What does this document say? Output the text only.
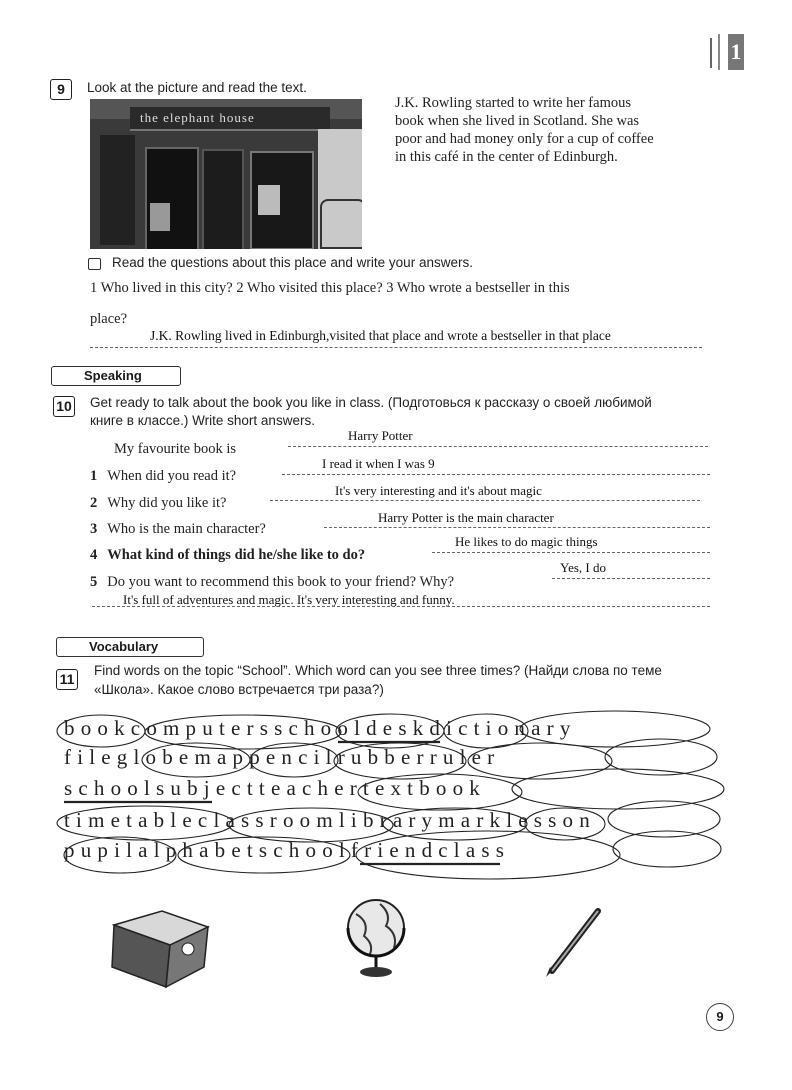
1
9	Look at the picture and read the text.
the elephant house
J.K. Rowling started to write her famous
book when she lived in Scotland. She was
poor and had money only for a cup of coffee
in this café in the center of Edinburgh.
Read the questions about this place and write your answers.
1 Who lived in this city? 2 Who visited this place? 3 Who wrote a bestseller in this
place?
J.K. Rowling lived in Edinburgh,visited that place and wrote a bestseller in that place
Speaking
10 Get ready to talk about the book you like in class. (Подготовься к рассказу о своей любимой
книге в классе.) Write short answers.
My favourite book is
Harry Potter
1 When did you read it?
I read it when I was 9
2 Why did you like it?
It's very interesting and it's about magic
3 Who is the main character?
Harry Potter is the main character
4 What kind of things did he/she like to do?
He likes to do magic things
5 Do you want to recommend this book to your friend? Why?
Yes, I do
It's full of adventures and magic. It's very interesting and funny.
Vocabulary
11
Find words on the topic “School”. Which word can you see three times? (Найди слова по теме
«Школа». Какое слово встречается три раза?)
bookcomputersschooldeskdictionary
fileglobemappencilrubberruler
schoolsubjectteachertextbook
timetableclassroomlibrarymarklesson
pupilalphabetschoolfriendclass
9
